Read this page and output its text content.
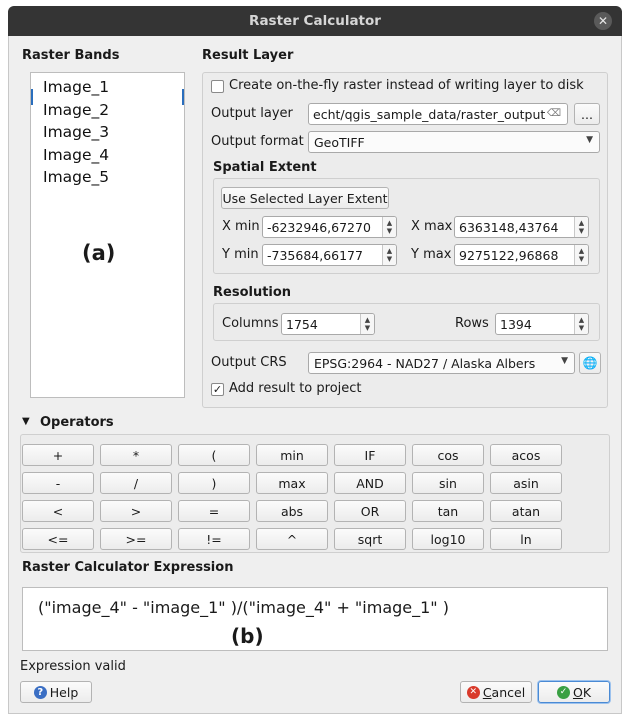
Raster Calculator	✕
Raster Bands
Image_1
Image_2
Image_3
Image_4
Image_5
(a)
Result Layer
Create on-the-fly raster instead of writing layer to disk
Output layer echt/qgis_sample_data/raster_output ⌫	...
Output format GeoTIFF	▼
Spatial Extent
Use Selected Layer Extent
X min -6232946,67270 ▲
▼ X max 6363148,43764	▲
▼
Y min -735684,66177	▲
▼ Y max 9275122,96868	▲
▼
Resolution
Columns 1754	▲
▼	Rows 1394	▲
▼
Output CRS EPSG:2964 - NAD27 / Alaska Albers	▼ 🌐
✓ Add result to project
▼ Operators
+	*	(	min	IF	cos	acos
-	/	)	max	AND	sin	asin
<	>	=	abs	OR	tan	atan
<=	>=	!=	^	sqrt	log10	ln
Raster Calculator Expression
("image_4" - "image_1" )/("image_4" + "image_1" )
(b)
Expression valid
? Help	✕ Cancel	✓ OK
